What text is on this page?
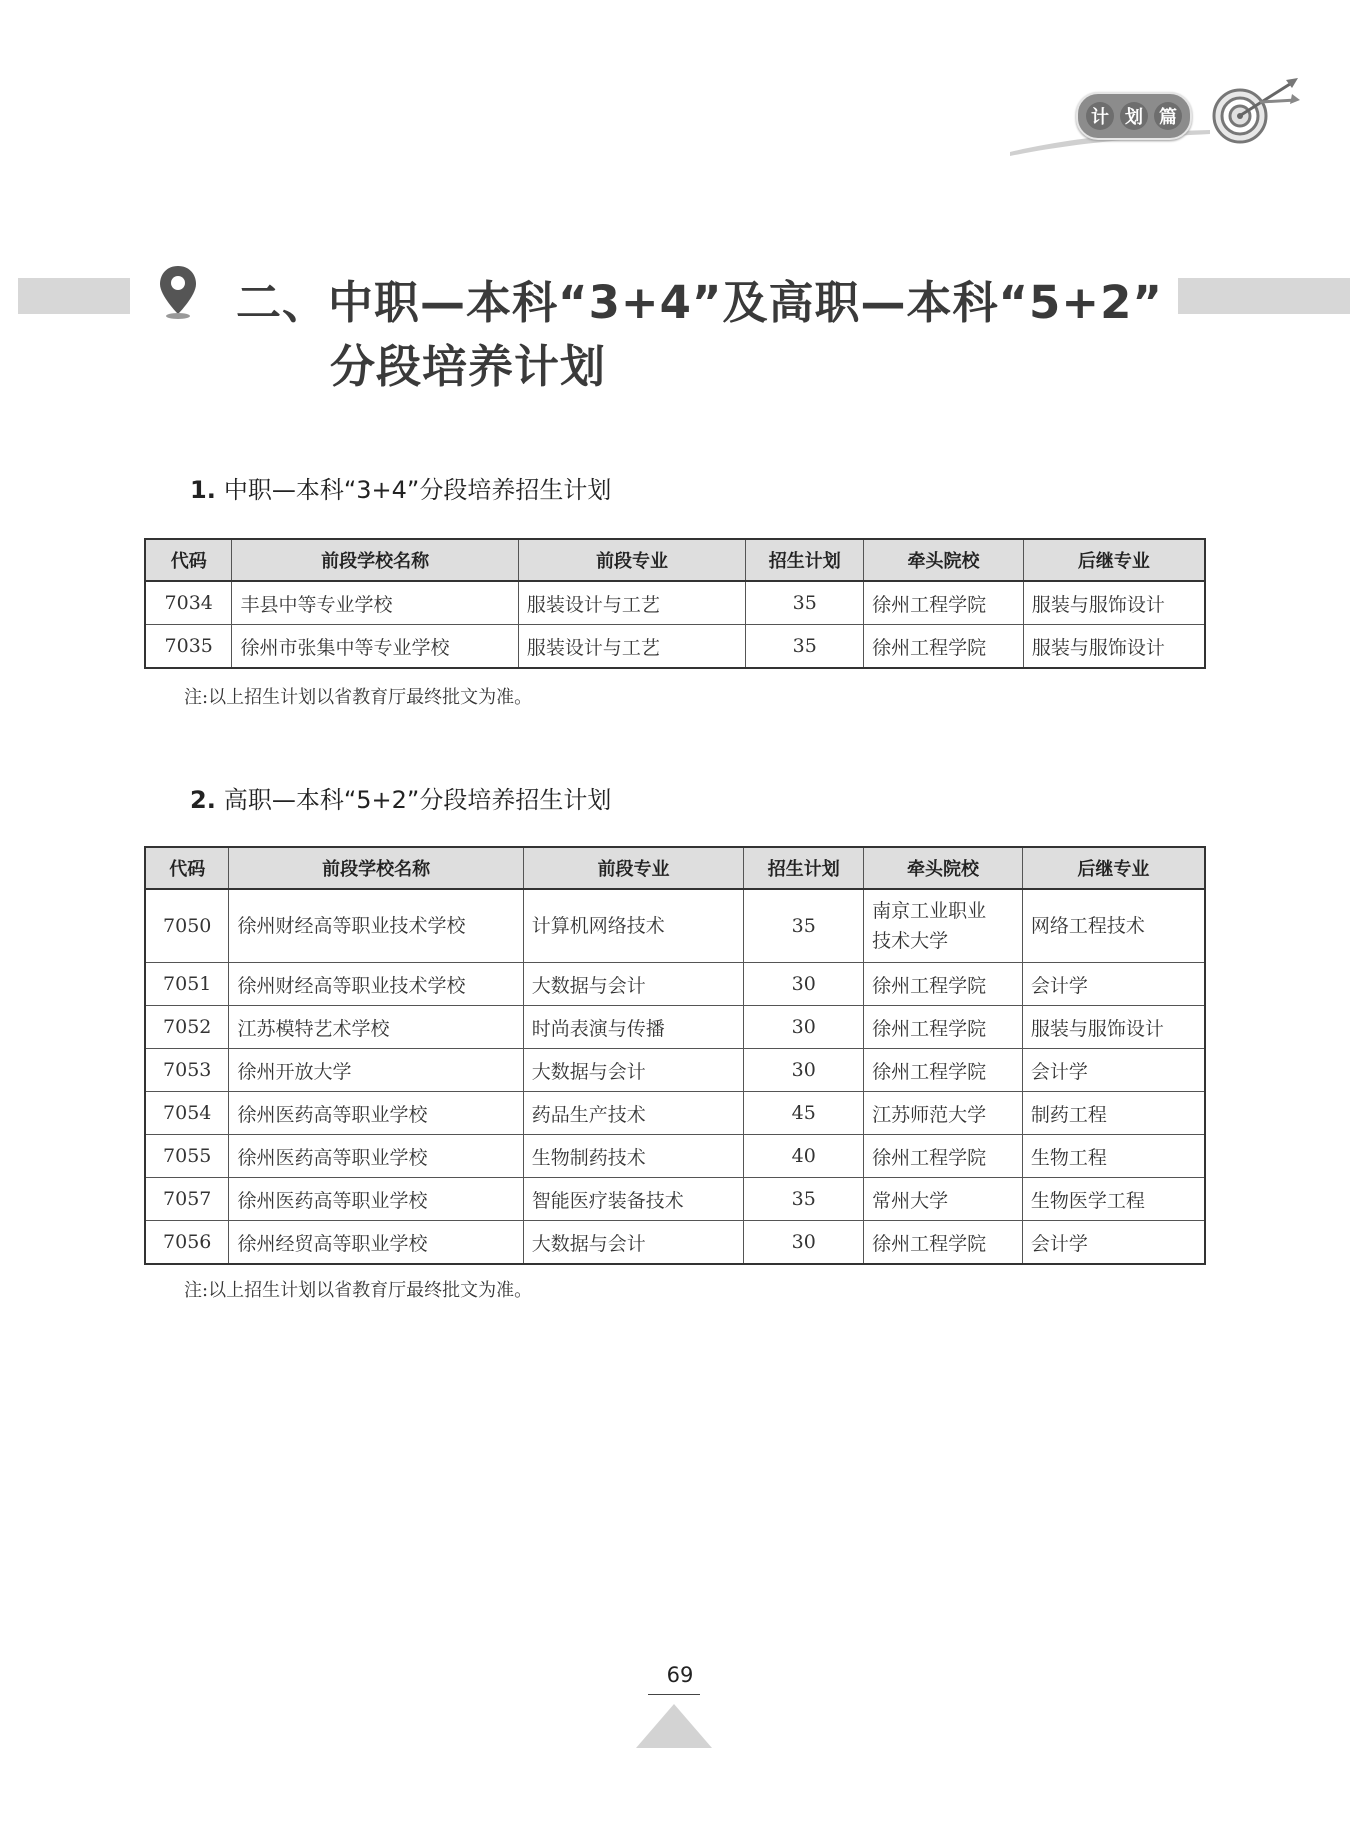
计 划 篇
二、中职—本科“3+4”及高职—本科“5+2”
分段培养计划
1. 中职—本科“3+4”分段培养招生计划
代码	前段学校名称	前段专业	招生计划	牵头院校	后继专业
7034	丰县中等专业学校	服装设计与工艺	35	徐州工程学院	服装与服饰设计
7035	徐州市张集中等专业学校	服装设计与工艺	35	徐州工程学院	服装与服饰设计
注:以上招生计划以省教育厅最终批文为准。
2. 高职—本科“5+2”分段培养招生计划
代码	前段学校名称	前段专业	招生计划	牵头院校	后继专业
7050	徐州财经高等职业技术学校	计算机网络技术	35	南京工业职业技术大学	网络工程技术
7051	徐州财经高等职业技术学校	大数据与会计	30	徐州工程学院	会计学
7052	江苏模特艺术学校	时尚表演与传播	30	徐州工程学院	服装与服饰设计
7053	徐州开放大学	大数据与会计	30	徐州工程学院	会计学
7054	徐州医药高等职业学校	药品生产技术	45	江苏师范大学	制药工程
7055	徐州医药高等职业学校	生物制药技术	40	徐州工程学院	生物工程
7057	徐州医药高等职业学校	智能医疗装备技术	35	常州大学	生物医学工程
7056	徐州经贸高等职业学校	大数据与会计	30	徐州工程学院	会计学
注:以上招生计划以省教育厅最终批文为准。
69
